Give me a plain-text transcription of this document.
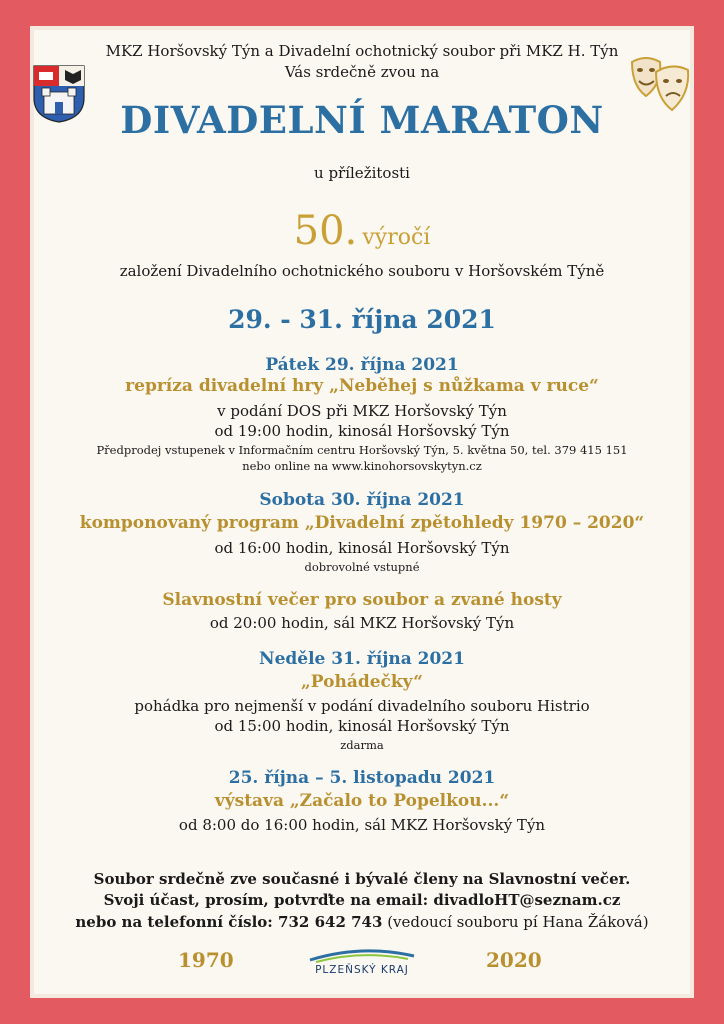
MKZ Horšovský Týn a Divadelní ochotnický soubor při MKZ H. Týn
Vás srdečně zvou na
DIVADELNÍ MARATON
u příležitosti
50. výročí
založení Divadelního ochotnického souboru v Horšovském Týně
29. - 31. října 2021
Pátek 29. října 2021
repríza divadelní hry „Neběhej s nůžkama v ruce“
v podání DOS při MKZ Horšovský Týn
od 19:00 hodin, kinosál Horšovský Týn
Předprodej vstupenek v Informačním centru Horšovský Týn, 5. května 50, tel. 379 415 151
nebo online na www.kinohorsovskytyn.cz
Sobota 30. října 2021
komponovaný program „Divadelní zpětohledy 1970 – 2020“
od 16:00 hodin, kinosál Horšovský Týn
dobrovolné vstupné
Slavnostní večer pro soubor a zvané hosty
od 20:00 hodin, sál MKZ Horšovský Týn
Neděle 31. října 2021
„Pohádečky“
pohádka pro nejmenší v podání divadelního souboru Histrio
od 15:00 hodin, kinosál Horšovský Týn
zdarma
25. října – 5. listopadu 2021
výstava „Začalo to Popelkou...“
od 8:00 do 16:00 hodin, sál MKZ Horšovský Týn
Soubor srdečně zve současné i bývalé členy na Slavnostní večer.
Svoji účast, prosím, potvrďte na email: divadloHT@seznam.cz
nebo na telefonní číslo: 732 642 743 (vedoucí souboru pí Hana Žáková)
1970	2020
PLZEŇSKÝ KRAJ
